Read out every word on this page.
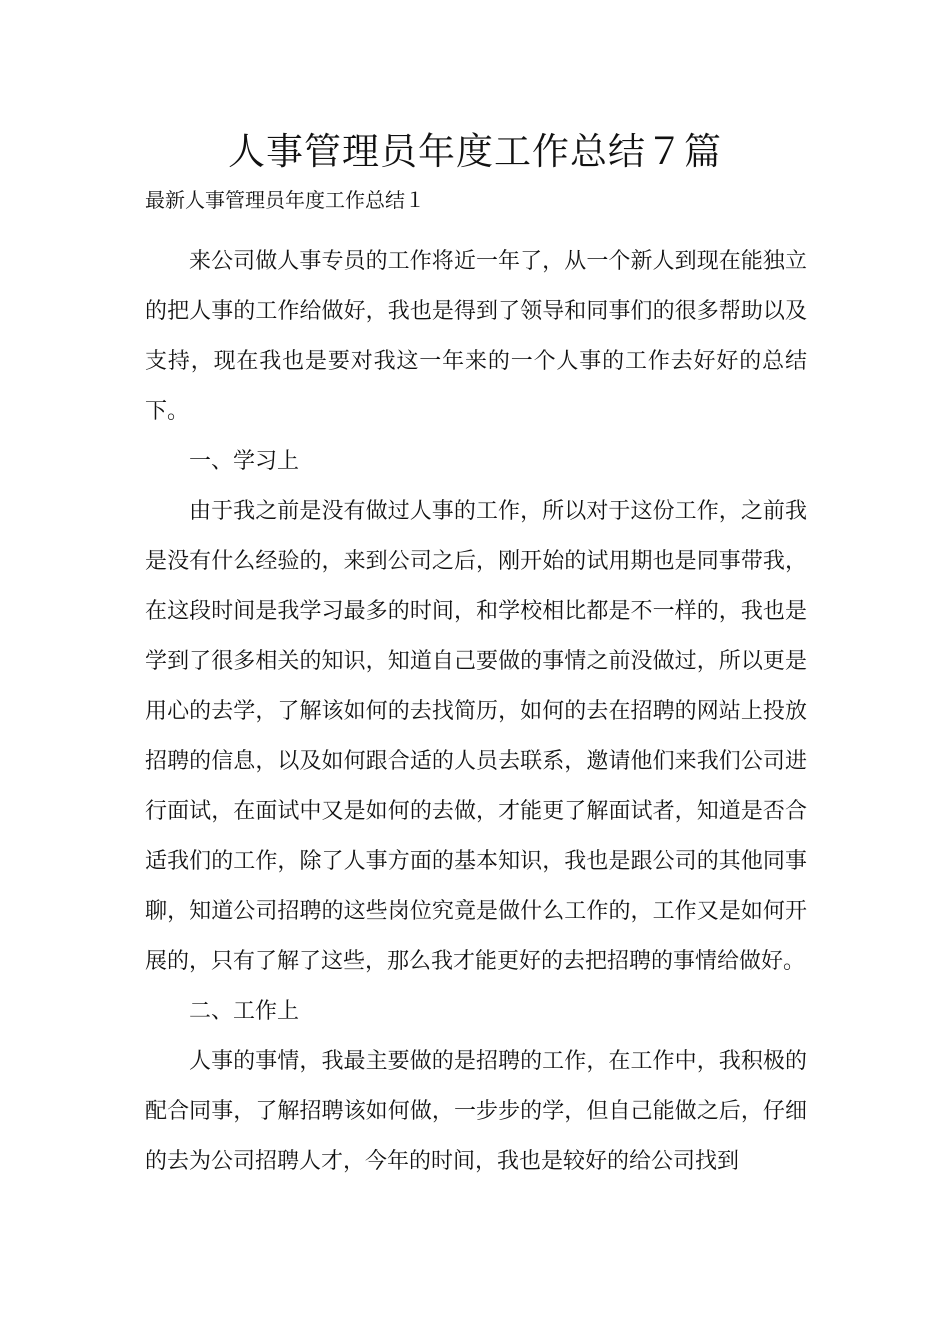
人事管理员年度工作总结７篇
最新人事管理员年度工作总结１

来公司做人事专员的工作将近一年了，从一个新人到现在能独立的把人事的工作给做好，我也是得到了领导和同事们的很多帮助以及支持，现在我也是要对我这一年来的一个人事的工作去好好的总结下。

一、学习上

由于我之前是没有做过人事的工作，所以对于这份工作，之前我是没有什么经验的，来到公司之后，刚开始的试用期也是同事带我，在这段时间是我学习最多的时间，和学校相比都是不一样的，我也是学到了很多相关的知识，知道自己要做的事情之前没做过，所以更是用心的去学，了解该如何的去找简历，如何的去在招聘的网站上投放招聘的信息，以及如何跟合适的人员去联系，邀请他们来我们公司进行面试，在面试中又是如何的去做，才能更了解面试者，知道是否合适我们的工作，除了人事方面的基本知识，我也是跟公司的其他同事聊，知道公司招聘的这些岗位究竟是做什么工作的，工作又是如何开展的，只有了解了这些，那么我才能更好的去把招聘的事情给做好。

二、工作上

人事的事情，我最主要做的是招聘的工作，在工作中，我积极的配合同事，了解招聘该如何做，一步步的学，但自己能做之后，仔细的去为公司招聘人才，今年的时间，我也是较好的给公司找到
